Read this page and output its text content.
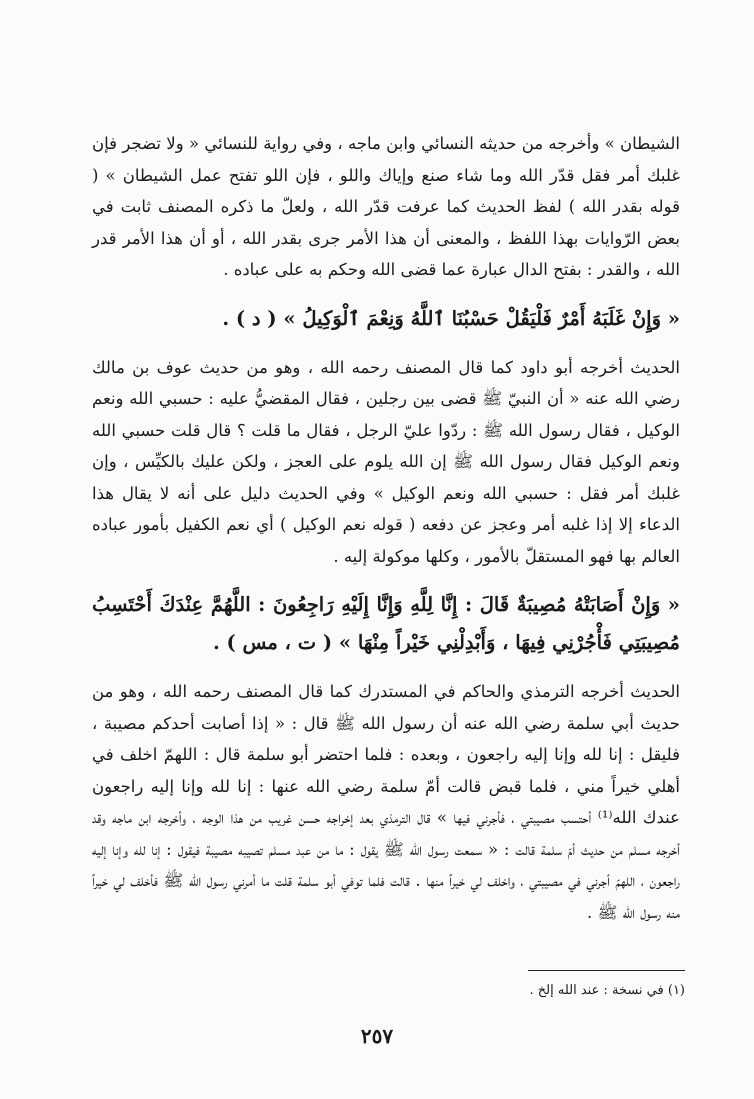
الشيطان » وأخرجه من حديثه النسائي وابن ماجه ، وفي رواية للنسائي « ولا تضجر فإن غلبك أمر فقل قدّر الله وما شاء صنع وإياك واللو ، فإن اللو تفتح عمل الشيطان » ( قوله بقدر الله ) لفظ الحديث كما عرفت قدّر الله ، ولعلّ ما ذكره المصنف ثابت في بعض الرّوايات بهذا اللفظ ، والمعنى أن هذا الأمر جرى بقدر الله ، أو أن هذا الأمر قدر الله ، والقدر : بفتح الدال عبارة عما قضى الله وحكم به على عباده .

« وَإِنْ غَلَبَهُ أَمْرٌ فَلْيَقُلْ حَسْبُنَا ٱللَّهُ وَنِعْمَ ٱلْوَكِيلُ » ( د ) .

الحديث أخرجه أبو داود كما قال المصنف رحمه الله ، وهو من حديث عوف بن مالك رضي الله عنه « أن النبيّ ﷺ قضى بين رجلين ، فقال المقضيُّ عليه : حسبي الله ونعم الوكيل ، فقال رسول الله ﷺ : ردّوا عليّ الرجل ، فقال ما قلت ؟ قال قلت حسبي الله ونعم الوكيل فقال رسول الله ﷺ إن الله يلوم على العجز ، ولكن عليك بالكيِّس ، وإن غلبك أمر فقل : حسبي الله ونعم الوكيل » وفي الحديث دليل على أنه لا يقال هذا الدعاء إلا إذا غلبه أمر وعجز عن دفعه ( قوله نعم الوكيل ) أي نعم الكفيل بأمور عباده العالم بها فهو المستقلّ بالأمور ، وكلها موكولة إليه .

« وَإِنْ أَصَابَتْهُ مُصِيبَةٌ قَالَ : إِنَّا لِلَّهِ وَإِنَّا إِلَيْهِ رَاجِعُونَ : اللَّهُمَّ عِنْدَكَ أَحْتَسِبُ مُصِيبَتِي فَأْجُرْنِي فِيهَا ، وَأَبْدِلْنِي خَيْراً مِنْهَا » ( ت ، مس ) .

الحديث أخرجه الترمذي والحاكم في المستدرك كما قال المصنف رحمه الله ، وهو من حديث أبي سلمة رضي الله عنه أن رسول الله ﷺ قال : « إذا أصابت أحدكم مصيبة ، فليقل : إنا لله وإنا إليه راجعون ، وبعده : فلما احتضر أبو سلمة قال : اللهمّ اخلف في أهلي خيراً مني ، فلما قبض قالت أمّ سلمة رضي الله عنها : إنا لله وإنا إليه راجعون عندك الله⁽¹⁾ أحتسب مصيبتي ، فأجرني فيها » قال الترمذي بعد إخراجه حسن غريب من هذا الوجه ، وأخرجه ابن ماجه وقد أخرجه مسلم من حديث أمّ سلمة قالت : « سمعت رسول الله ﷺ يقول : ما من عبد مسلم تصيبه مصيبة فيقول : إنا لله وإنا إليه راجعون ، اللهمّ أجرني في مصيبتي ، واخلف لي خيراً منها . قالت فلما توفي أبو سلمة قلت ما أمرني رسول الله ﷺ فأخلف لي خيراً منه رسول الله ﷺ .

(١) في نسخة : عند الله إلخ .
٢٥٧
